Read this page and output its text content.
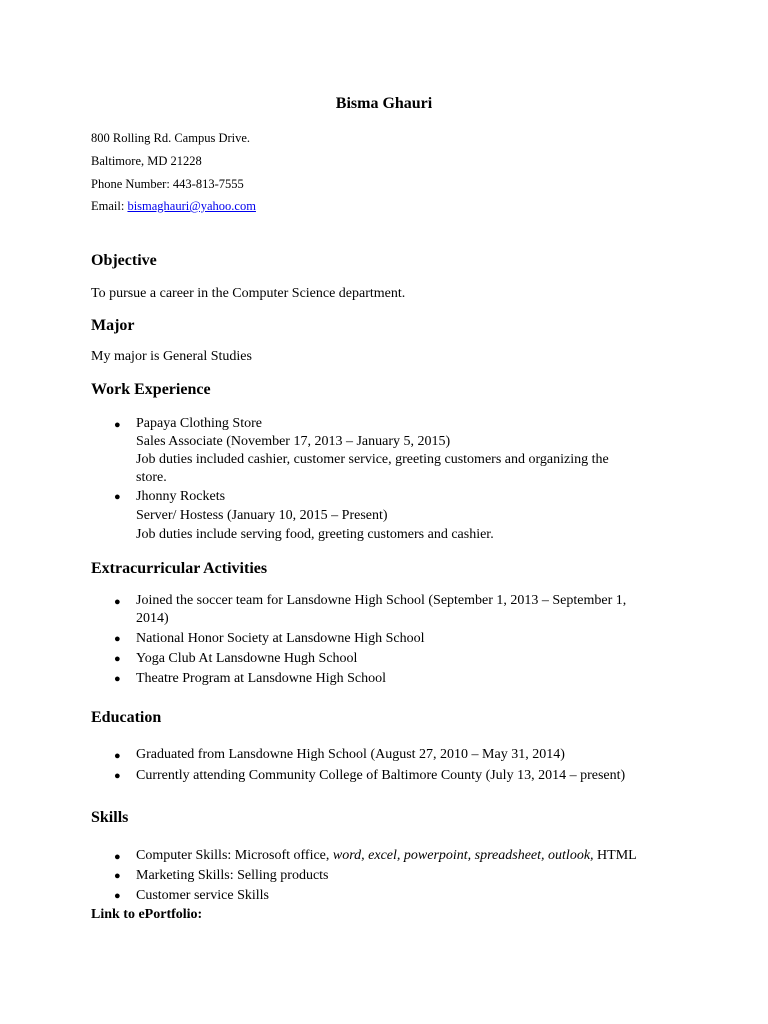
Bisma Ghauri
800 Rolling Rd. Campus Drive.
Baltimore, MD 21228
Phone Number: 443-813-7555
Email: bismaghauri@yahoo.com
Objective
To pursue a career in the Computer Science department.
Major
My major is General Studies
Work Experience
● Papaya Clothing Store
Sales Associate (November 17, 2013 – January 5, 2015)
Job duties included cashier, customer service, greeting customers and organizing the
store.
● Jhonny Rockets
Server/ Hostess (January 10, 2015 – Present)
Job duties include serving food, greeting customers and cashier.
Extracurricular Activities
● Joined the soccer team for Lansdowne High School (September 1, 2013 – September 1,
2014)
● National Honor Society at Lansdowne High School
● Yoga Club At Lansdowne Hugh School
● Theatre Program at Lansdowne High School
Education
● Graduated from Lansdowne High School (August 27, 2010 – May 31, 2014)
● Currently attending Community College of Baltimore County (July 13, 2014 – present)
Skills
● Computer Skills: Microsoft office, word, excel, powerpoint, spreadsheet, outlook, HTML
● Marketing Skills: Selling products
● Customer service Skills
Link to ePortfolio:
